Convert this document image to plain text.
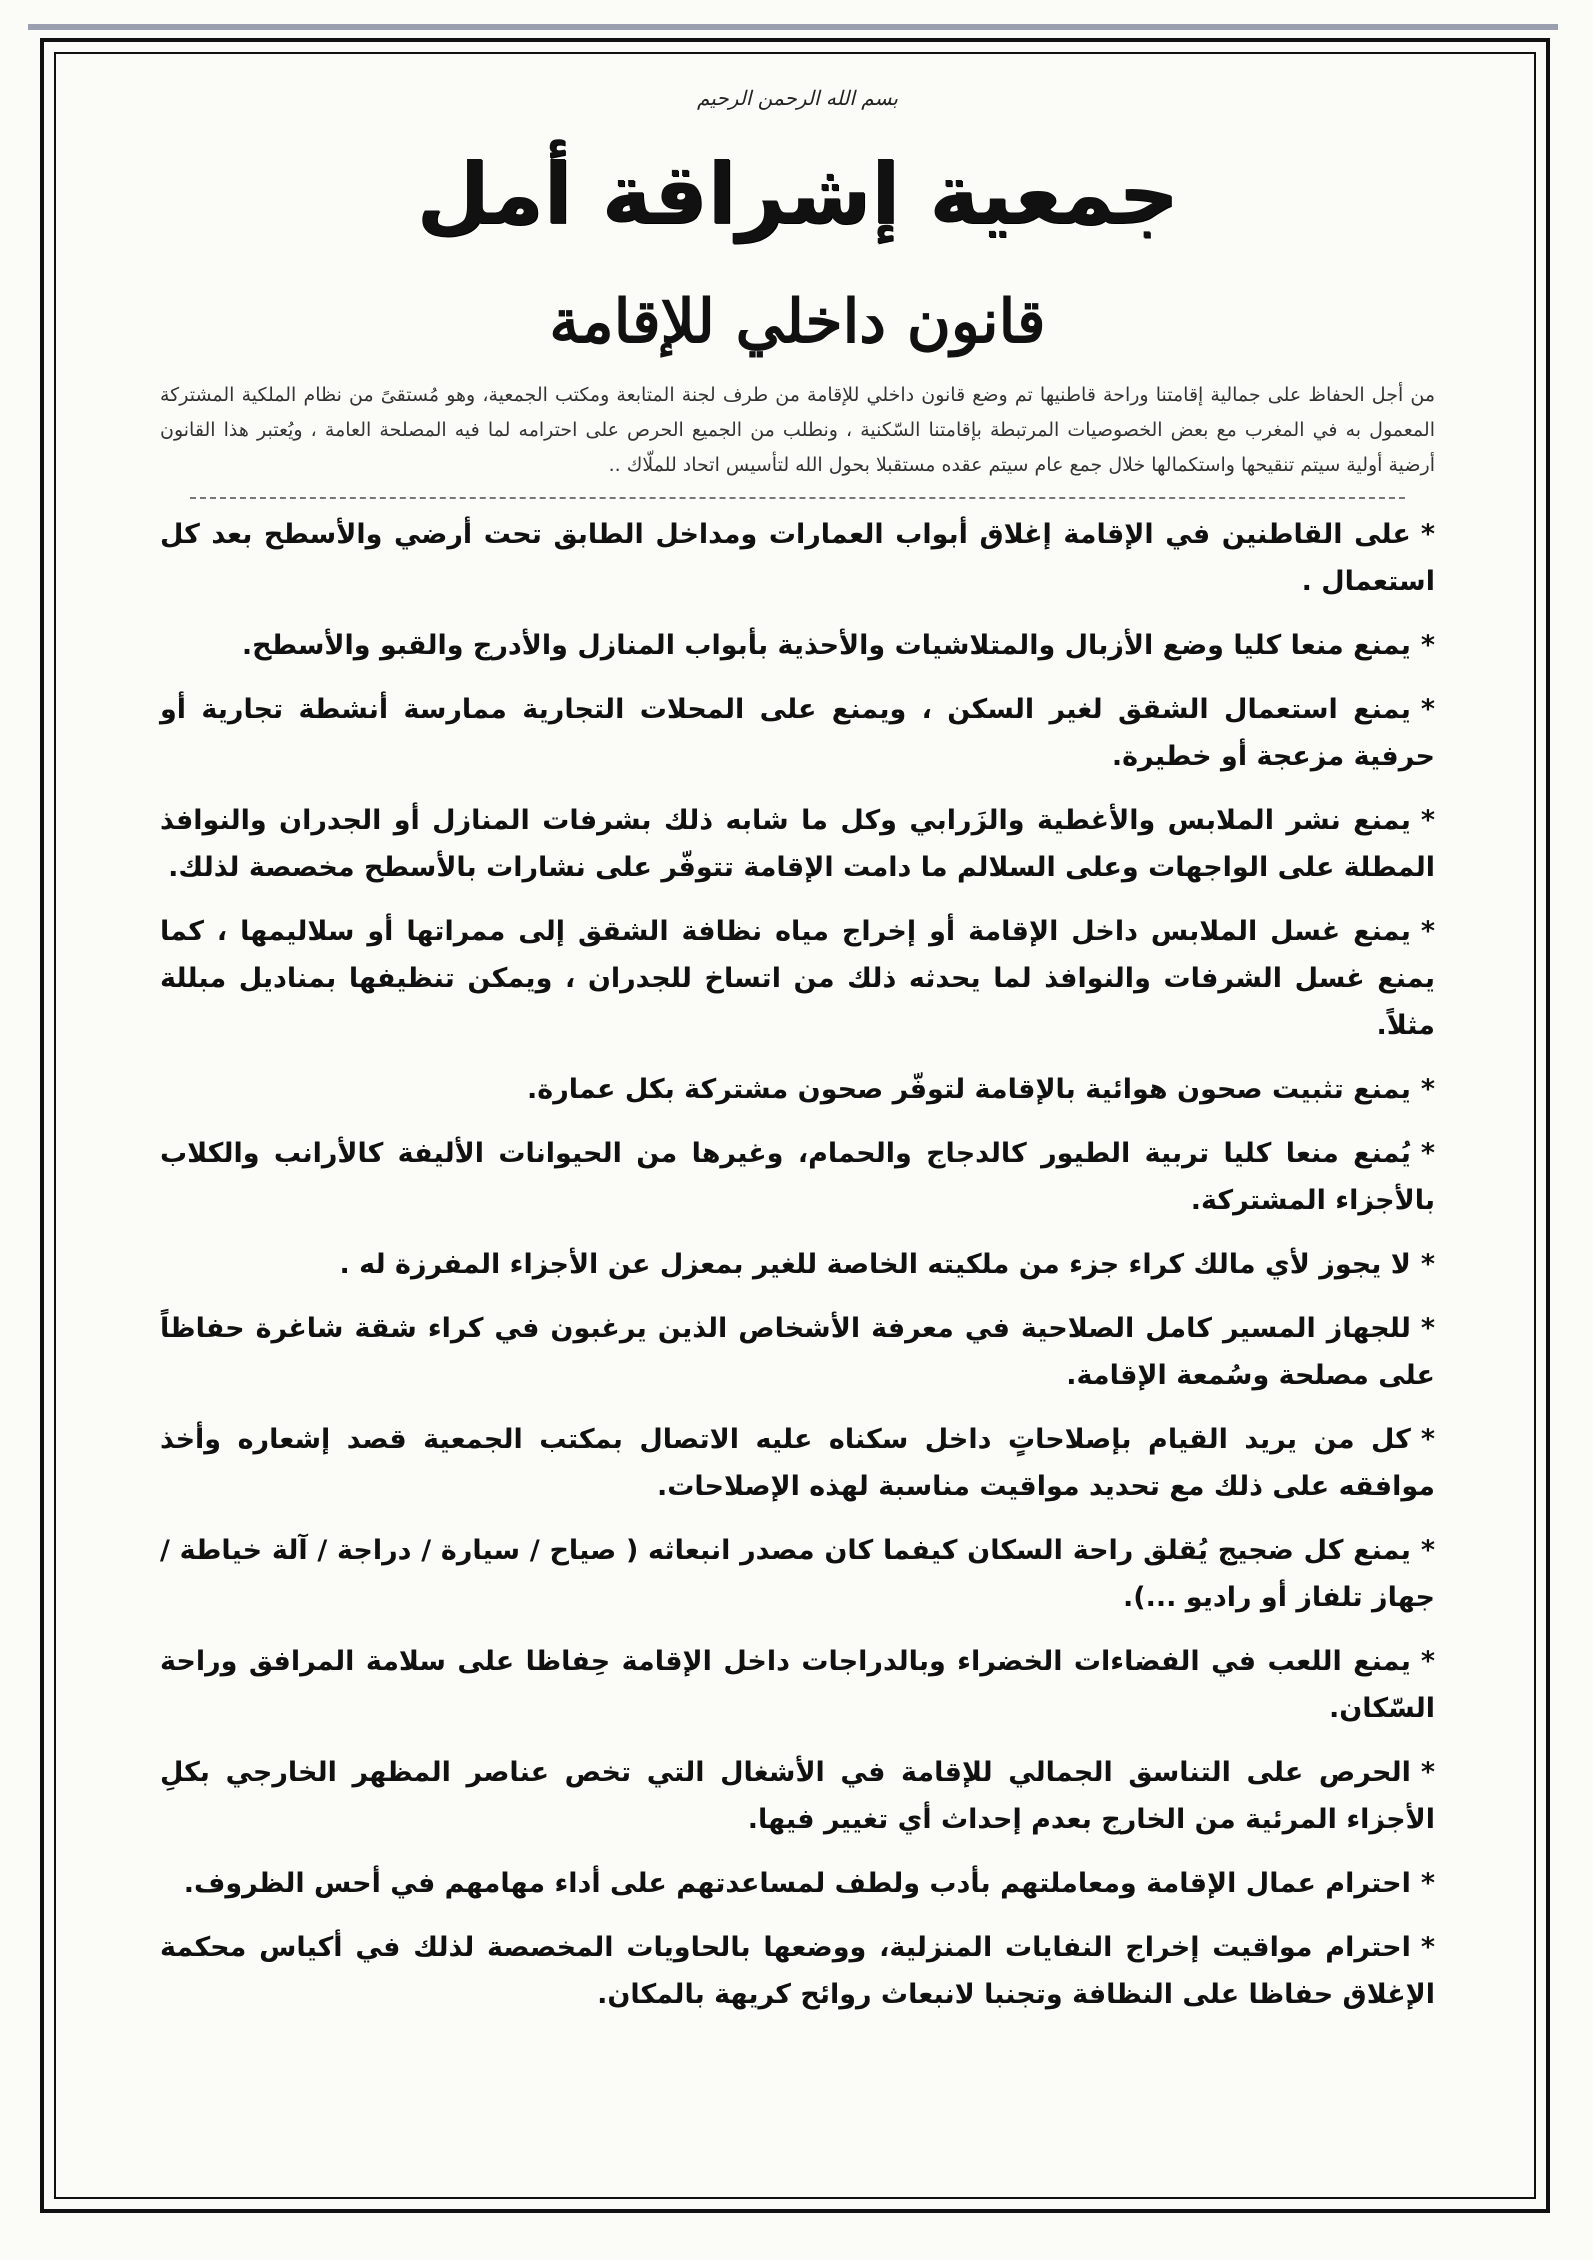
بسم الله الرحمن الرحيم
جمعية إشراقة أمل
قانون داخلي للإقامة

من أجل الحفاظ على جمالية إقامتنا وراحة قاطنيها تم وضع قانون داخلي للإقامة من طرف لجنة المتابعة ومكتب الجمعية، وهو مُستقىً من نظام الملكية المشتركة المعمول به في المغرب مع بعض الخصوصيات المرتبطة بإقامتنا السّكنية ، ونطلب من الجميع الحرص على احترامه لما فيه المصلحة العامة ، ويُعتبر هذا القانون أرضية أولية سيتم تنقيحها واستكمالها خلال جمع عام سيتم عقده مستقبلا بحول الله لتأسيس اتحاد للملّاك ..

*على القاطنين في الإقامة إغلاق أبواب العمارات ومداخل الطابق تحت أرضي والأسطح بعد كل استعمال .

*يمنع منعا كليا وضع الأزبال والمتلاشيات والأحذية بأبواب المنازل والأدرج والقبو والأسطح.

*يمنع استعمال الشقق لغير السكن ، ويمنع على المحلات التجارية ممارسة أنشطة تجارية أو حرفية مزعجة أو خطيرة.

*يمنع نشر الملابس والأغطية والزَرابي وكل ما شابه ذلك بشرفات المنازل أو الجدران والنوافذ المطلة على الواجهات وعلى السلالم ما دامت الإقامة تتوفّر على نشارات بالأسطح مخصصة لذلك.

*يمنع غسل الملابس داخل الإقامة أو إخراج مياه نظافة الشقق إلى ممراتها أو سلاليمها ، كما يمنع غسل الشرفات والنوافذ لما يحدثه ذلك من اتساخ للجدران ، ويمكن تنظيفها بمناديل مبللة مثلاً.

*يمنع تثبيت صحون هوائية بالإقامة لتوفّر صحون مشتركة بكل عمارة.

*يُمنع منعا كليا تربية الطيور كالدجاج والحمام، وغيرها من الحيوانات الأليفة كالأرانب والكلاب بالأجزاء المشتركة.

*لا يجوز لأي مالك كراء جزء من ملكيته الخاصة للغير بمعزل عن الأجزاء المفرزة له .

*للجهاز المسير كامل الصلاحية في معرفة الأشخاص الذين يرغبون في كراء شقة شاغرة حفاظاً على مصلحة وسُمعة الإقامة.

*كل من يريد القيام بإصلاحاتٍ داخل سكناه عليه الاتصال بمكتب الجمعية قصد إشعاره وأخذ موافقه على ذلك مع تحديد مواقيت مناسبة لهذه الإصلاحات.

*يمنع كل ضجيج يُقلق راحة السكان كيفما كان مصدر انبعاثه ( صياح / سيارة / دراجة / آلة خياطة / جهاز تلفاز أو راديو ...).

*يمنع اللعب في الفضاءات الخضراء وبالدراجات داخل الإقامة حِفاظا على سلامة المرافق وراحة السّكان.

*الحرص على التناسق الجمالي للإقامة في الأشغال التي تخص عناصر المظهر الخارجي بكلِ الأجزاء المرئية من الخارج بعدم إحداث أي تغيير فيها.

*احترام عمال الإقامة ومعاملتهم بأدب ولطف لمساعدتهم على أداء مهامهم في أحس الظروف.

*احترام مواقيت إخراج النفايات المنزلية، ووضعها بالحاويات المخصصة لذلك في أكياس محكمة الإغلاق حفاظا على النظافة وتجنبا لانبعاث روائح كريهة بالمكان.
